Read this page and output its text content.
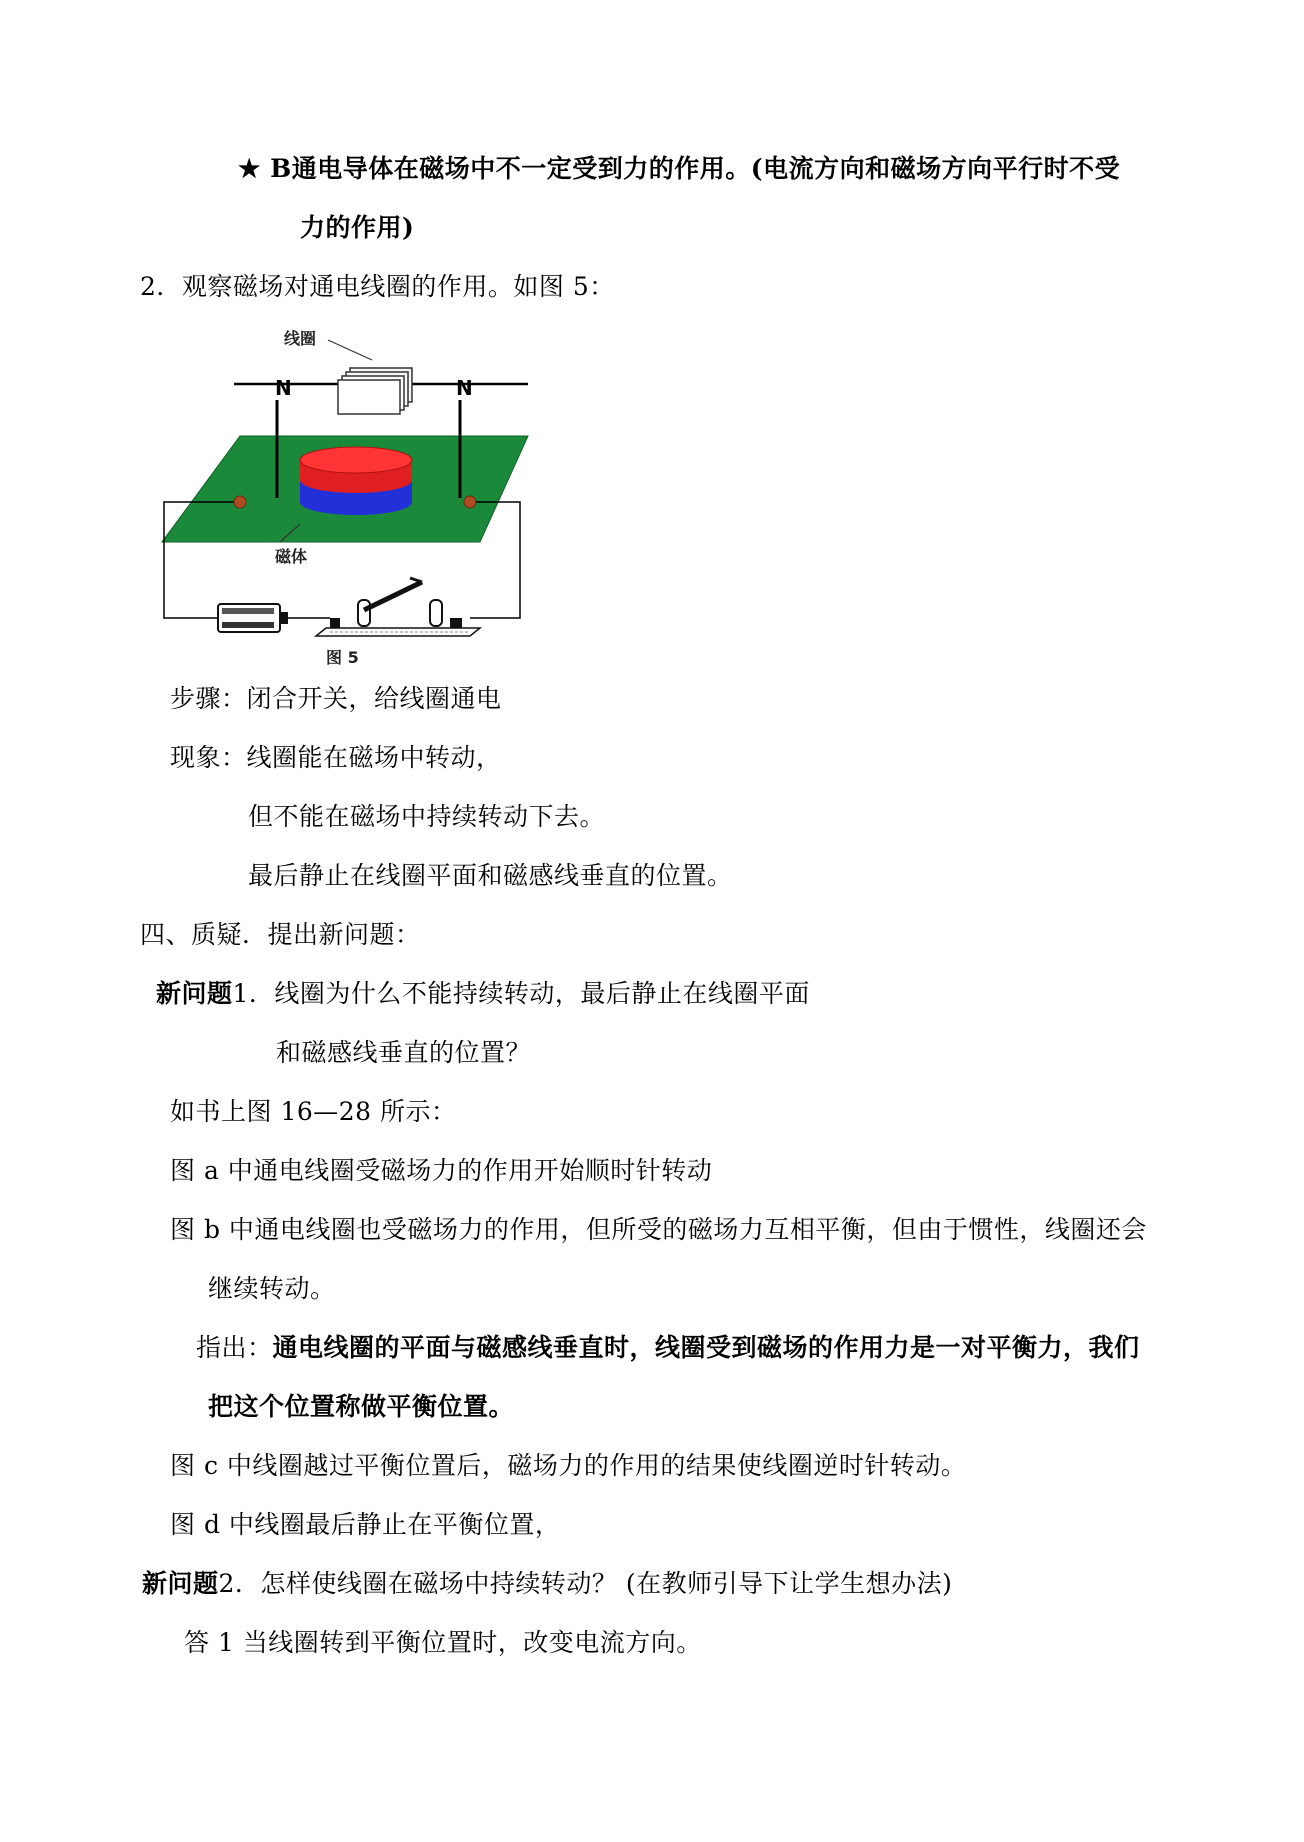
★ B通电导体在磁场中不一定受到力的作用。(电流方向和磁场方向平行时不受
力的作用)
2．观察磁场对通电线圈的作用。如图 5：
线圈
N	N
磁体
图 5
步骤：闭合开关，给线圈通电
现象：线圈能在磁场中转动，
但不能在磁场中持续转动下去。
最后静止在线圈平面和磁感线垂直的位置。
四、质疑．提出新问题：
新问题1．线圈为什么不能持续转动，最后静止在线圈平面
和磁感线垂直的位置？
如书上图 16—28 所示：
图 a 中通电线圈受磁场力的作用开始顺时针转动
图 b 中通电线圈也受磁场力的作用，但所受的磁场力互相平衡，但由于惯性，线圈还会
继续转动。
指出：通电线圈的平面与磁感线垂直时，线圈受到磁场的作用力是一对平衡力，我们
把这个位置称做平衡位置。
图 c 中线圈越过平衡位置后，磁场力的作用的结果使线圈逆时针转动。
图 d 中线圈最后静止在平衡位置，
新问题2．怎样使线圈在磁场中持续转动？ (在教师引导下让学生想办法)
答 1 当线圈转到平衡位置时，改变电流方向。
